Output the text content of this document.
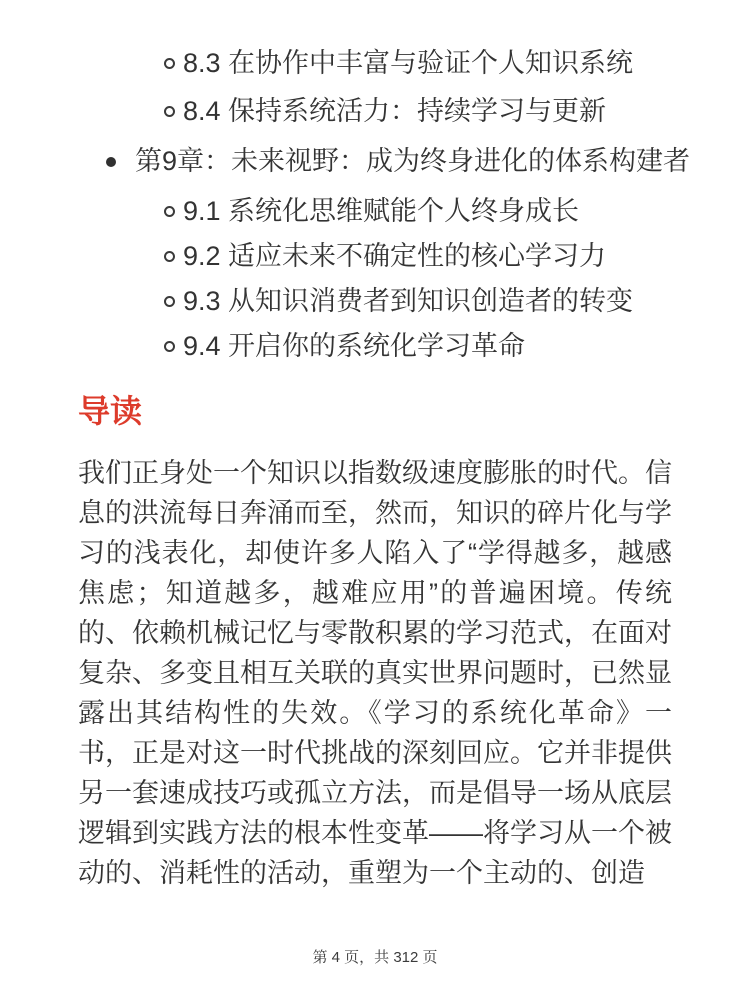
8.3 在协作中丰富与验证个人知识系统
8.4 保持系统活力：持续学习与更新
第9章：未来视野：成为终身进化的体系构建者
9.1 系统化思维赋能个人终身成长
9.2 适应未来不确定性的核心学习力
9.3 从知识消费者到知识创造者的转变
9.4 开启你的系统化学习革命
导读

我们正身处一个知识以指数级速度膨胀的时代。信息的洪流每日奔涌而至，然而，知识的碎片化与学习的浅表化，却使许多人陷入了“学得越多，越感焦虑；知道越多，越难应用”的普遍困境。传统的、依赖机械记忆与零散积累的学习范式，在面对复杂、多变且相互关联的真实世界问题时，已然显露出其结构性的失效。《学习的系统化革命》一书，正是对这一时代挑战的深刻回应。它并非提供另一套速成技巧或孤立方法，而是倡导一场从底层逻辑到实践方法的根本性变革——将学习从一个被动的、消耗性的活动，重塑为一个主动的、创造

第 4 页，共 312 页
